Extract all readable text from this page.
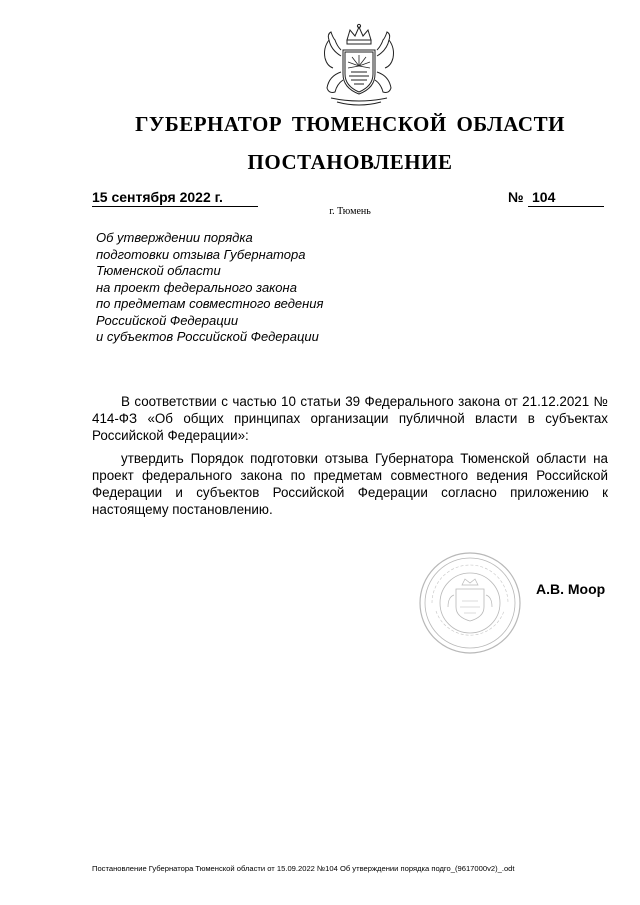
ГУБЕРНАТОР ТЮМЕНСКОЙ ОБЛАСТИ
ПОСТАНОВЛЕНИЕ
15 сентября 2022 г.	№ 104
г. Тюмень
Об утверждении порядка
подготовки отзыва Губернатора
Тюменской области
на проект федерального закона
по предметам совместного ведения
Российской Федерации
и субъектов Российской Федерации
В соответствии с частью 10 статьи 39 Федерального закона от 21.12.2021 № 414-ФЗ «Об общих принципах организации публичной власти в субъектах Российской Федерации»:
утвердить Порядок подготовки отзыва Губернатора Тюменской области на проект федерального закона по предметам совместного ведения Российской Федерации и субъектов Российской Федерации согласно приложению к настоящему постановлению.
А.В. Моор
Постановление Губернатора Тюменской области от 15.09.2022 №104 Об утверждении порядка подго_(9617000v2)_.odt
